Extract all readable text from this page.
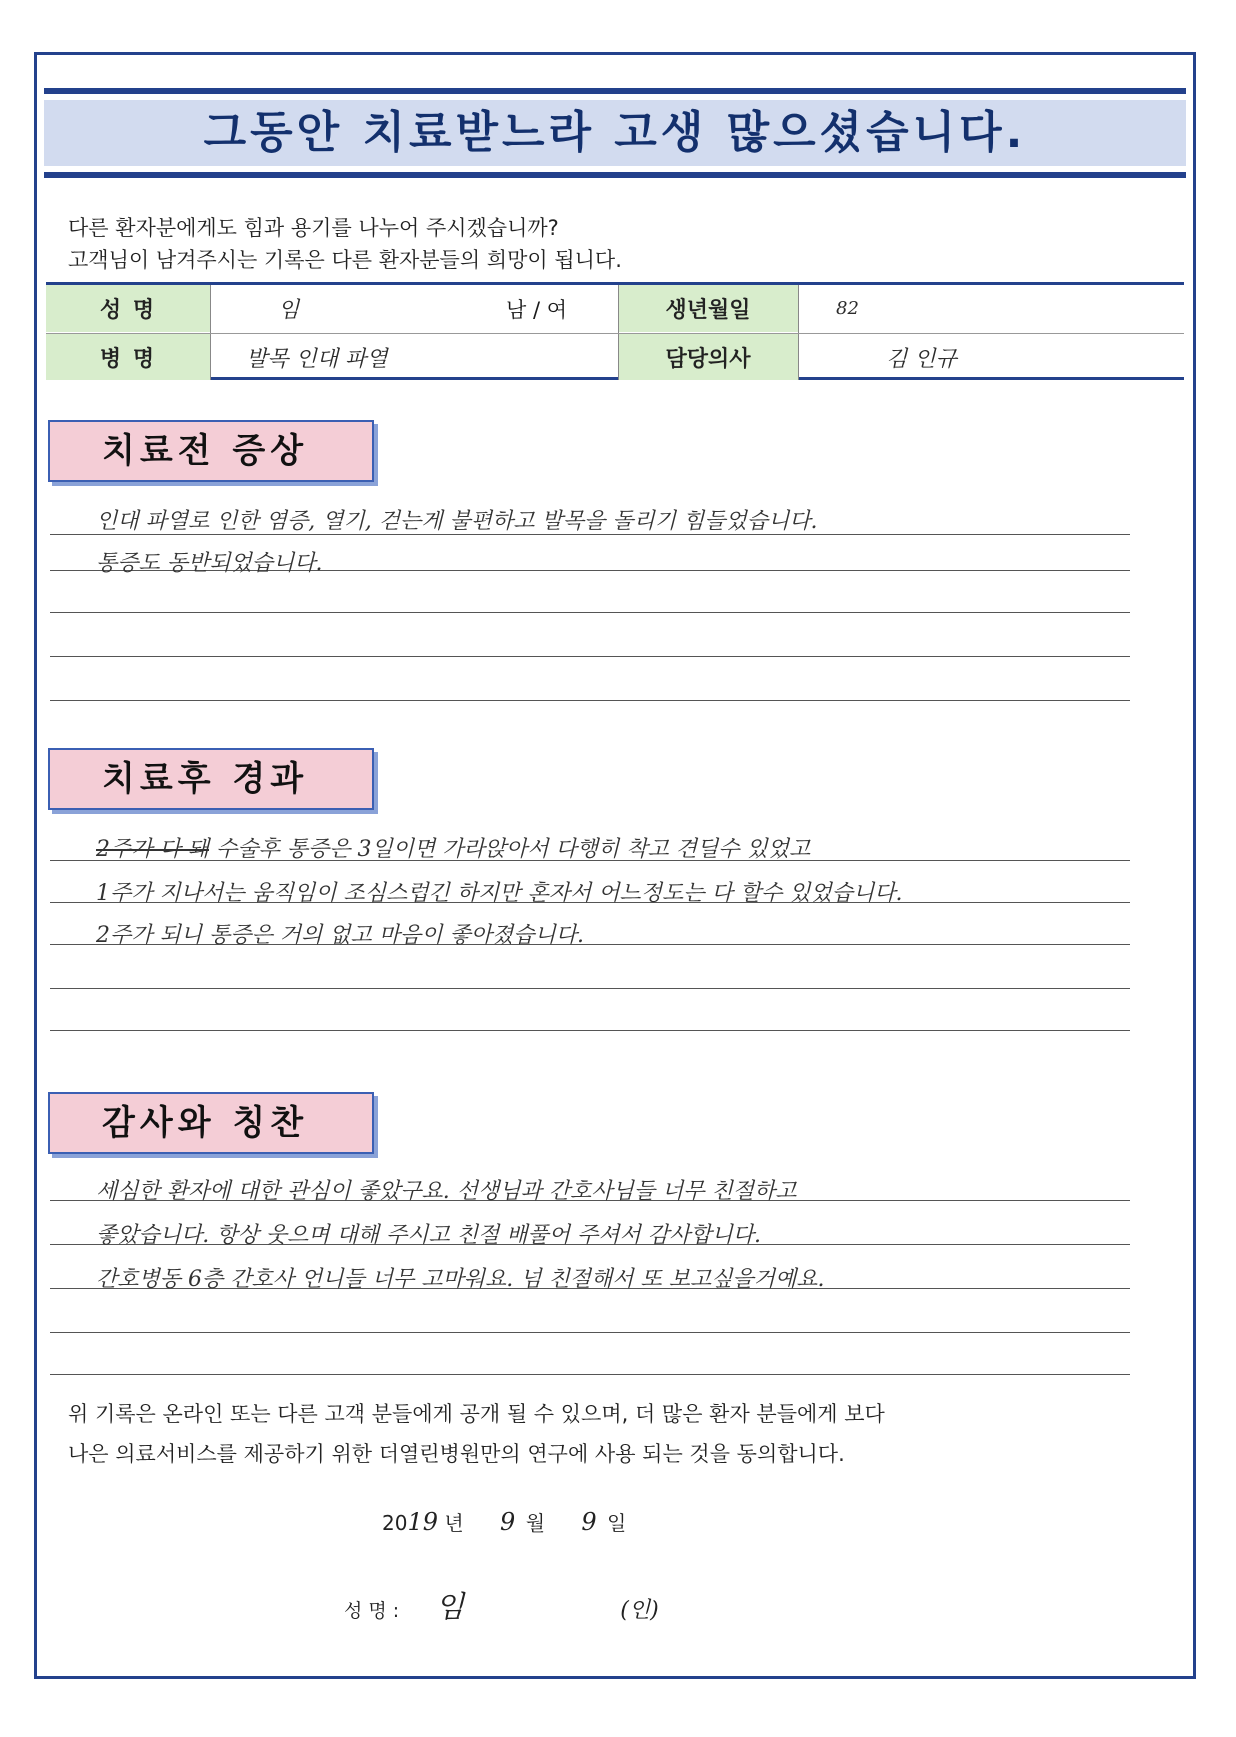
그동안 치료받느라 고생 많으셨습니다.
다른 환자분에게도 힘과 용기를 나누어 주시겠습니까?
고객님이 남겨주시는 기록은 다른 환자분들의 희망이 됩니다.
성 명	임	남 / 여	생년월일	82
병 명	발목 인대 파열	담당의사	김 인규
치료전 증상
인대 파열로 인한 염증, 열기, 걷는게 불편하고 발목을 돌리기 힘들었습니다.
통증도 동반되었습니다.
치료후 경과
2주가 다 돼 수술후 통증은 3일이면 가라앉아서 다행히 착고 견딜수 있었고
1주가 지나서는 움직임이 조심스럽긴 하지만 혼자서 어느정도는 다 할수 있었습니다.
2주가 되니 통증은 거의 없고 마음이 좋아졌습니다.
감사와 칭찬
세심한 환자에 대한 관심이 좋았구요. 선생님과 간호사님들 너무 친절하고
좋았습니다. 항상 웃으며 대해 주시고 친절 배풀어 주셔서 감사합니다.
간호병동 6층 간호사 언니들 너무 고마워요. 넘 친절해서 또 보고싶을거예요.
위 기록은 온라인 또는 다른 고객 분들에게 공개 될 수 있으며, 더 많은 환자 분들에게 보다
나은 의료서비스를 제공하기 위한 더열린병원만의 연구에 사용 되는 것을 동의합니다.
2019 년 9 월 9 일
성 명 : 임	(인)
